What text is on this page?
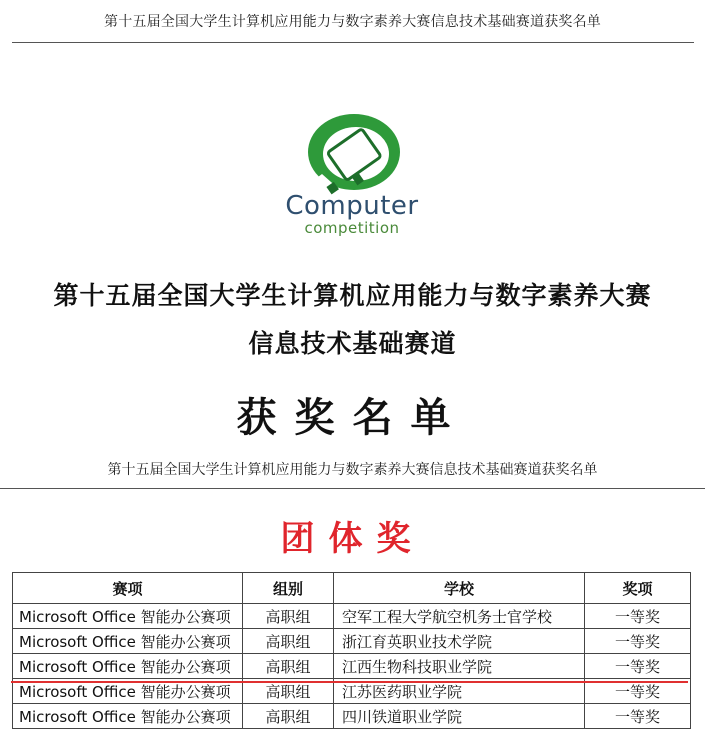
第十五届全国大学生计算机应用能力与数字素养大赛信息技术基础赛道获奖名单
Computer
competition
第十五届全国大学生计算机应用能力与数字素养大赛
信息技术基础赛道
获奖名单
第十五届全国大学生计算机应用能力与数字素养大赛信息技术基础赛道获奖名单
团体奖
赛项	组别	学校	奖项
Microsoft Office 智能办公赛项	高职组	空军工程大学航空机务士官学校	一等奖
Microsoft Office 智能办公赛项	高职组	浙江育英职业技术学院	一等奖
Microsoft Office 智能办公赛项	高职组	江西生物科技职业学院	一等奖
Microsoft Office 智能办公赛项	高职组	江苏医药职业学院	一等奖
Microsoft Office 智能办公赛项	高职组	四川铁道职业学院	一等奖
